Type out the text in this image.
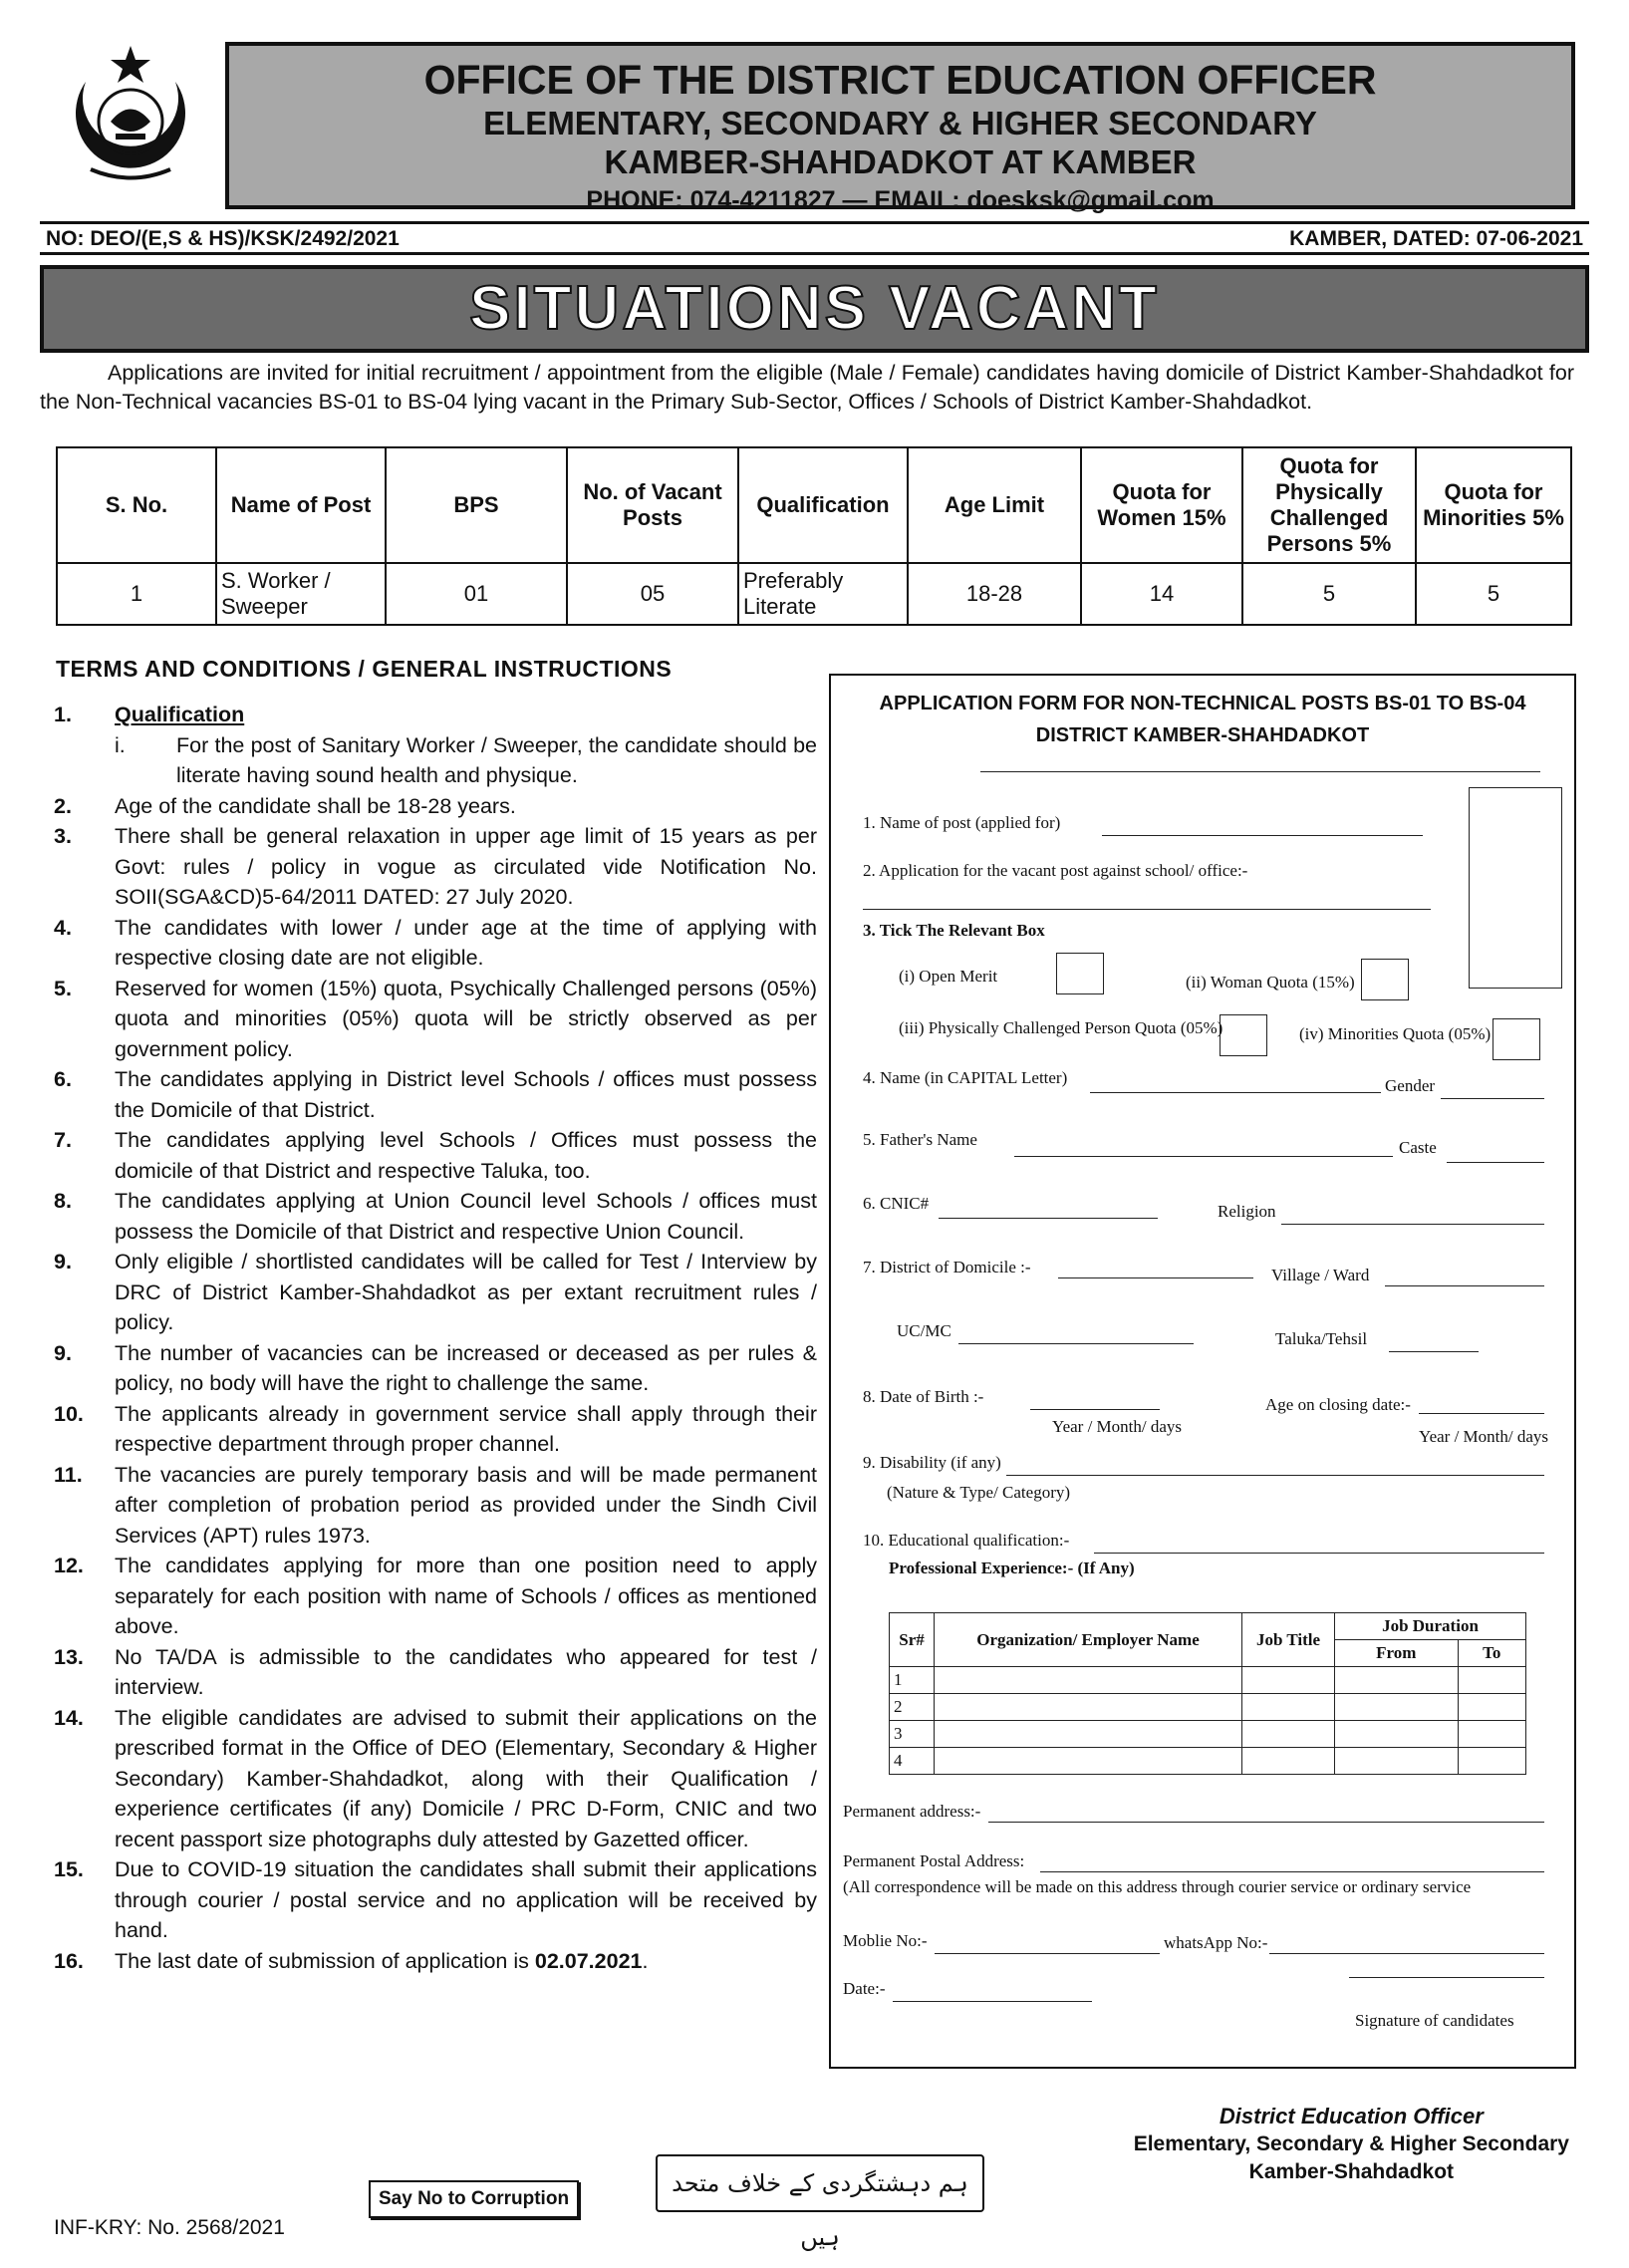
OFFICE OF THE DISTRICT EDUCATION OFFICER
ELEMENTARY, SECONDARY & HIGHER SECONDARY
KAMBER-SHAHDADKOT AT KAMBER
PHONE: 074-4211827 — EMAIL: doesksk@gmail.com
NO: DEO/(E,S & HS)/KSK/2492/2021	KAMBER, DATED: 07-06-2021
SITUATIONS VACANT
Applications are invited for initial recruitment / appointment from the eligible (Male / Female) candidates having domicile of District Kamber-Shahdadkot for the Non-Technical vacancies BS-01 to BS-04 lying vacant in the Primary Sub-Sector, Offices / Schools of District Kamber-Shahdadkot.
S. No.	Name of Post	BPS	No. of Vacant Posts	Qualification	Age Limit	Quota for Women 15%	Quota for Physically Challenged Persons 5%	Quota for Minorities 5%
1	S. Worker / Sweeper	01	05	Preferably Literate	18-28	14	5	5
TERMS AND CONDITIONS / GENERAL INSTRUCTIONS
1.	Qualification
i.	For the post of Sanitary Worker / Sweeper, the candidate should be literate having sound health and physique.
2.	Age of the candidate shall be 18-28 years.
3.	There shall be general relaxation in upper age limit of 15 years as per Govt: rules / policy in vogue as circulated vide Notification No. SOII(SGA&CD)5-64/2011 DATED: 27 July 2020.
4.	The candidates with lower / under age at the time of applying with respective closing date are not eligible.
5.	Reserved for women (15%) quota, Psychically Challenged persons (05%) quota and minorities (05%) quota will be strictly observed as per government policy.
6.	The candidates applying in District level Schools / offices must possess the Domicile of that District.
7.	The candidates applying level Schools / Offices must possess the domicile of that District and respective Taluka, too.
8.	The candidates applying at Union Council level Schools / offices must possess the Domicile of that District and respective Union Council.
9.	Only eligible / shortlisted candidates will be called for Test / Interview by DRC of District Kamber-Shahdadkot as per extant recruitment rules / policy.
9.	The number of vacancies can be increased or deceased as per rules & policy, no body will have the right to challenge the same.
10.	The applicants already in government service shall apply through their respective department through proper channel.
11.	The vacancies are purely temporary basis and will be made permanent after completion of probation period as provided under the Sindh Civil Services (APT) rules 1973.
12.	The candidates applying for more than one position need to apply separately for each position with name of Schools / offices as mentioned above.
13.	No TA/DA is admissible to the candidates who appeared for test / interview.
14.	The eligible candidates are advised to submit their applications on the prescribed format in the Office of DEO (Elementary, Secondary & Higher Secondary) Kamber-Shahdadkot, along with their Qualification / experience certificates (if any) Domicile / PRC D-Form, CNIC and two recent passport size photographs duly attested by Gazetted officer.
15.	Due to COVID-19 situation the candidates shall submit their applications through courier / postal service and no application will be received by hand.
16.	The last date of submission of application is 02.07.2021.
APPLICATION FORM FOR NON-TECHNICAL POSTS BS-01 TO BS-04
DISTRICT KAMBER-SHAHDADKOT
1. Name of post (applied for)
2. Application for the vacant post against school/ office:-
3. Tick The Relevant Box
(i) Open Merit	(ii) Woman Quota (15%)
(iii) Physically Challenged Person Quota (05%)	(iv) Minorities Quota (05%)
4. Name (in CAPITAL Letter)	Gender
5. Father's Name	Caste
6. CNIC#	Religion
7. District of Domicile :-	Village / Ward
UC/MC	Taluka/Tehsil
8. Date of Birth :-
Year / Month/ days
Age on closing date:-
Year / Month/ days
9. Disability (if any)
(Nature & Type/ Category)
10. Educational qualification:-
Professional Experience:- (If Any)
Sr#	Organization/ Employer Name	Job Title	Job Duration	
			From	To
1				
2				
3				
4				
Permanent address:-
Permanent Postal Address:
(All correspondence will be made on this address through courier service or ordinary service
Moblie No:-	whatsApp No:-
Date:-
Signature of candidates
District Education Officer
Elementary, Secondary & Higher Secondary
Kamber-Shahdadkot
Say No to Corruption
ہم دہشتگردی کے خلاف متحد ہیں
INF-KRY: No. 2568/2021
